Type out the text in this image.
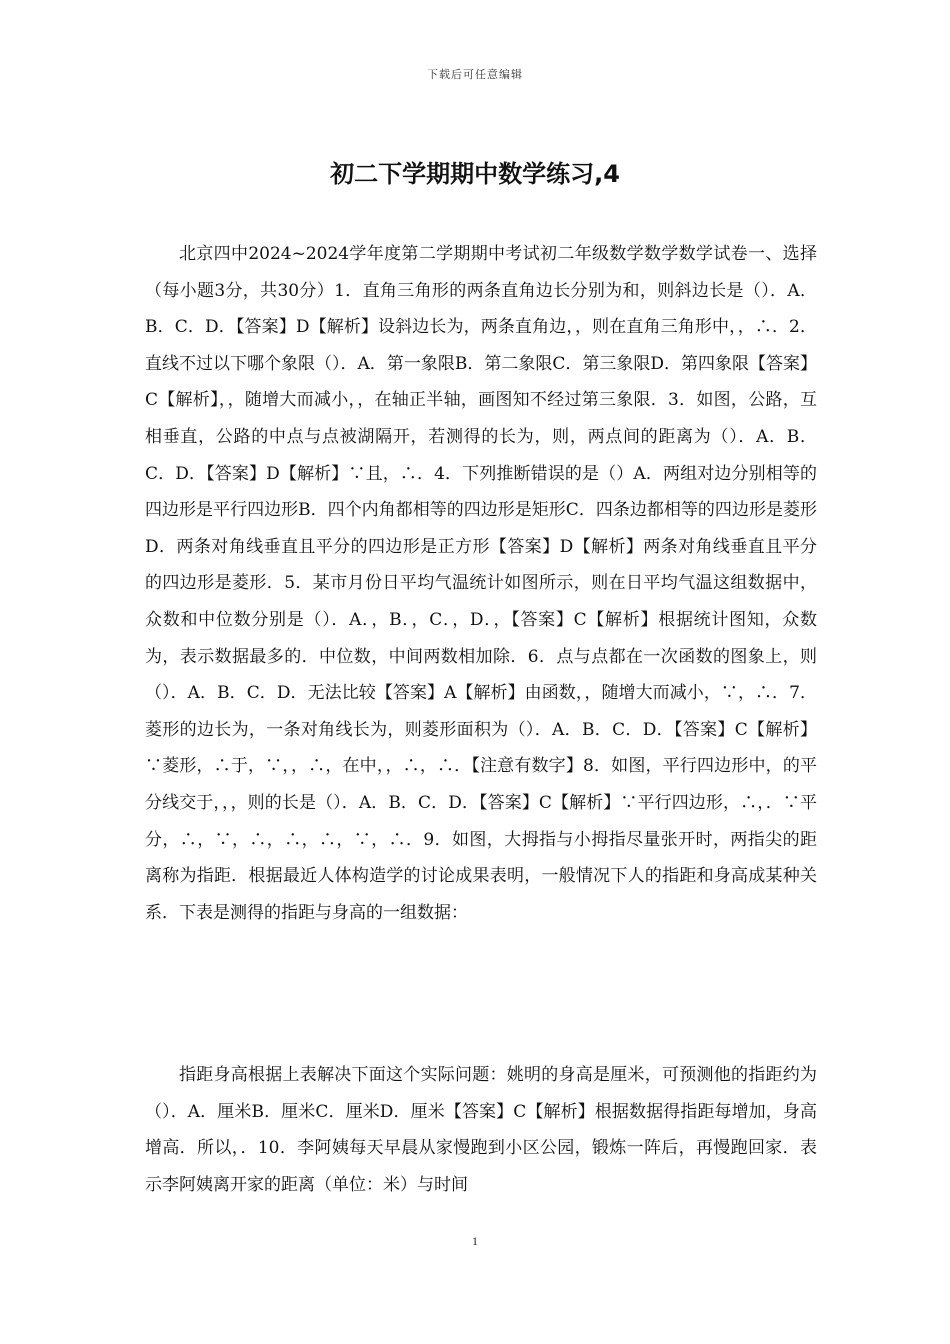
下载后可任意编辑
初二下学期期中数学练习,4

北京四中2024~2024学年度第二学期期中考试初二年级数学数学数学试卷一、选择（每小题3分，共30分）1．直角三角形的两条直角边长分别为和，则斜边长是（）．A．B．C．D．【答案】D【解析】设斜边长为，两条直角边，，则在直角三角形中，，∴．2．直线不过以下哪个象限（）．A．第一象限B．第二象限C．第三象限D．第四象限【答案】C【解析】，，随增大而减小，，在轴正半轴，画图知不经过第三象限．3．如图，公路，互相垂直，公路的中点与点被湖隔开，若测得的长为，则，两点间的距离为（）．A．B．C．D．【答案】D【解析】∵且，∴．4．下列推断错误的是（）A．两组对边分别相等的四边形是平行四边形B．四个内角都相等的四边形是矩形C．四条边都相等的四边形是菱形D．两条对角线垂直且平分的四边形是正方形【答案】D【解析】两条对角线垂直且平分的四边形是菱形．5．某市月份日平均气温统计如图所示，则在日平均气温这组数据中，众数和中位数分别是（）．A．，B．，C．，D．，【答案】C【解析】根据统计图知，众数为，表示数据最多的．中位数，中间两数相加除．6．点与点都在一次函数的图象上，则（）．A．B．C．D．无法比较【答案】A【解析】由函数，，随增大而减小，∵，∴．7．菱形的边长为，一条对角线长为，则菱形面积为（）．A．B．C．D．【答案】C【解析】∵菱形，∴于，∵，，∴，在中，，∴，∴．【注意有数字】8．如图，平行四边形中，的平分线交于，，，则的长是（）．A．B．C．D．【答案】C【解析】∵平行四边形，∴，．∵平分，∴，∵，∴，∴，∴，∵，∴．9．如图，大拇指与小拇指尽量张开时，两指尖的距离称为指距．根据最近人体构造学的讨论成果表明，一般情况下人的指距和身高成某种关系．下表是测得的指距与身高的一组数据：

指距身高根据上表解决下面这个实际问题：姚明的身高是厘米，可预测他的指距约为（）．A．厘米B．厘米C．厘米D．厘米【答案】C【解析】根据数据得指距每增加，身高增高．所以，．10．李阿姨每天早晨从家慢跑到小区公园，锻炼一阵后，再慢跑回家．表示李阿姨离开家的距离（单位：米）与时间

1
